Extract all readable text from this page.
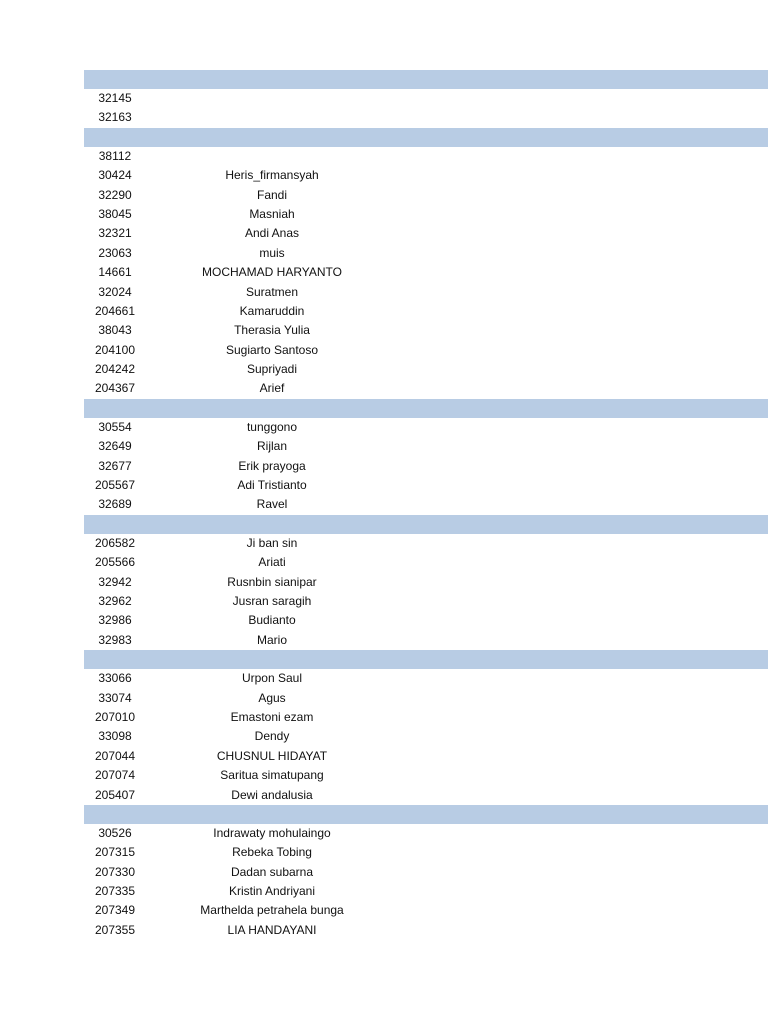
32145
32163
38112
30424	Heris_firmansyah
32290	Fandi
38045	Masniah
32321	Andi Anas
23063	muis
14661	MOCHAMAD HARYANTO
32024	Suratmen
204661	Kamaruddin
38043	Therasia Yulia
204100	Sugiarto Santoso
204242	Supriyadi
204367	Arief
30554	tunggono
32649	Rijlan
32677	Erik prayoga
205567	Adi Tristianto
32689	Ravel
206582	Ji ban sin
205566	Ariati
32942	Rusnbin sianipar
32962	Jusran saragih
32986	Budianto
32983	Mario
33066	Urpon Saul
33074	Agus
207010	Emastoni ezam
33098	Dendy
207044	CHUSNUL HIDAYAT
207074	Saritua simatupang
205407	Dewi andalusia
30526	Indrawaty mohulaingo
207315	Rebeka Tobing
207330	Dadan subarna
207335	Kristin Andriyani
207349	Marthelda petrahela bunga
207355	LIA HANDAYANI
